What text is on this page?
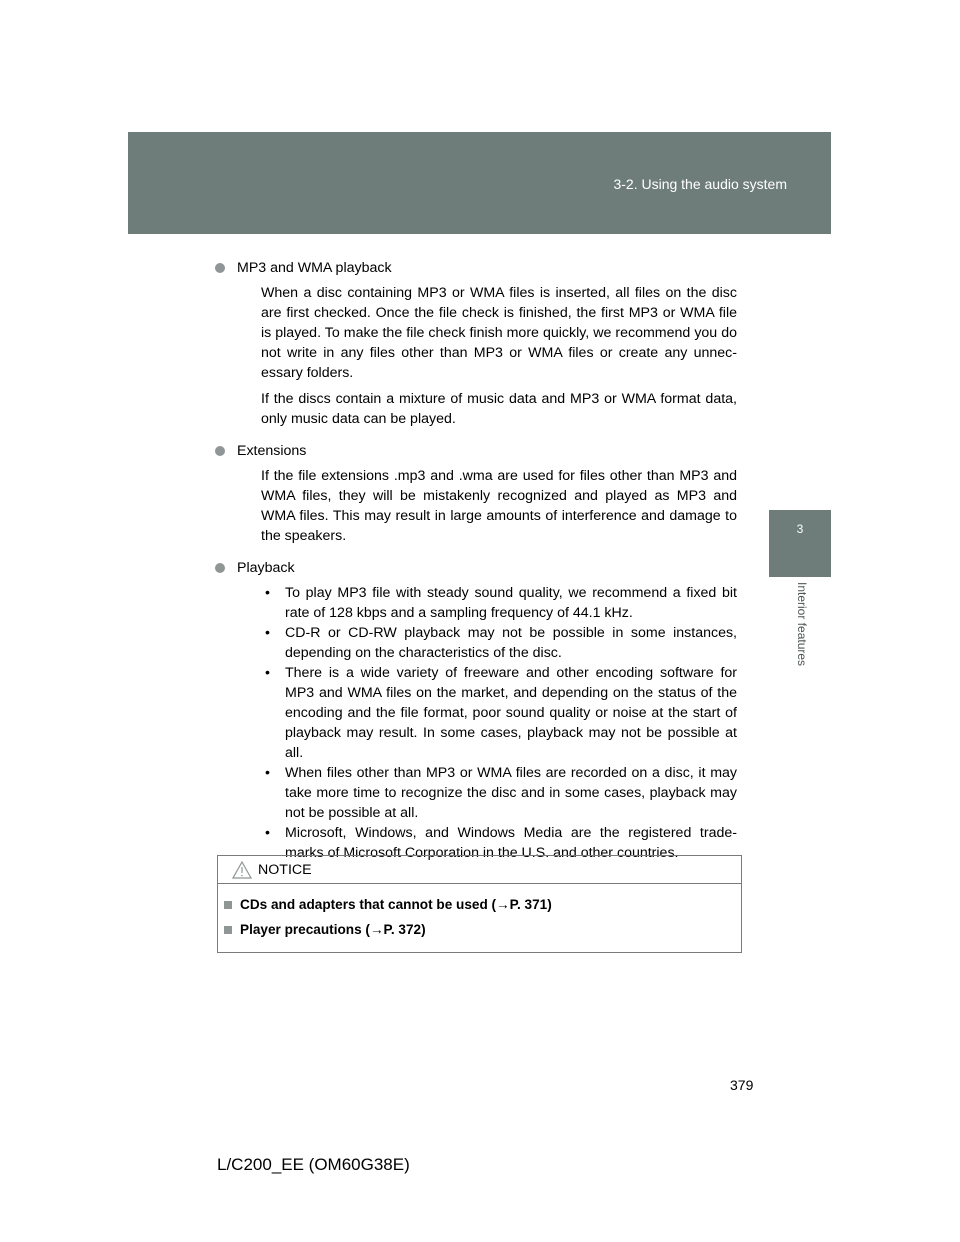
3-2. Using the audio system
3
Interior features
MP3 and WMA playback

When a disc containing MP3 or WMA files is inserted, all files on the disc are first checked. Once the file check is finished, the first MP3 or WMA file is played. To make the file check finish more quickly, we recommend you do not write in any files other than MP3 or WMA files or create any unnec-essary folders.

If the discs contain a mixture of music data and MP3 or WMA format data, only music data can be played.

Extensions

If the file extensions .mp3 and .wma are used for files other than MP3 and WMA files, they will be mistakenly recognized and played as MP3 and WMA files. This may result in large amounts of interference and damage to the speakers.

Playback
• To play MP3 file with steady sound quality, we recommend a fixed bit rate of 128 kbps and a sampling frequency of 44.1 kHz.
• CD-R or CD-RW playback may not be possible in some instances, depending on the characteristics of the disc.
• There is a wide variety of freeware and other encoding software for MP3 and WMA files on the market, and depending on the status of the encoding and the file format, poor sound quality or noise at the start of playback may result. In some cases, playback may not be possible at all.
• When files other than MP3 or WMA files are recorded on a disc, it may take more time to recognize the disc and in some cases, playback may not be possible at all.
• Microsoft, Windows, and Windows Media are the registered trade-marks of Microsoft Corporation in the U.S. and other countries.
NOTICE
CDs and adapters that cannot be used (→P. 371)
Player precautions (→P. 372)
379
L/C200_EE (OM60G38E)
